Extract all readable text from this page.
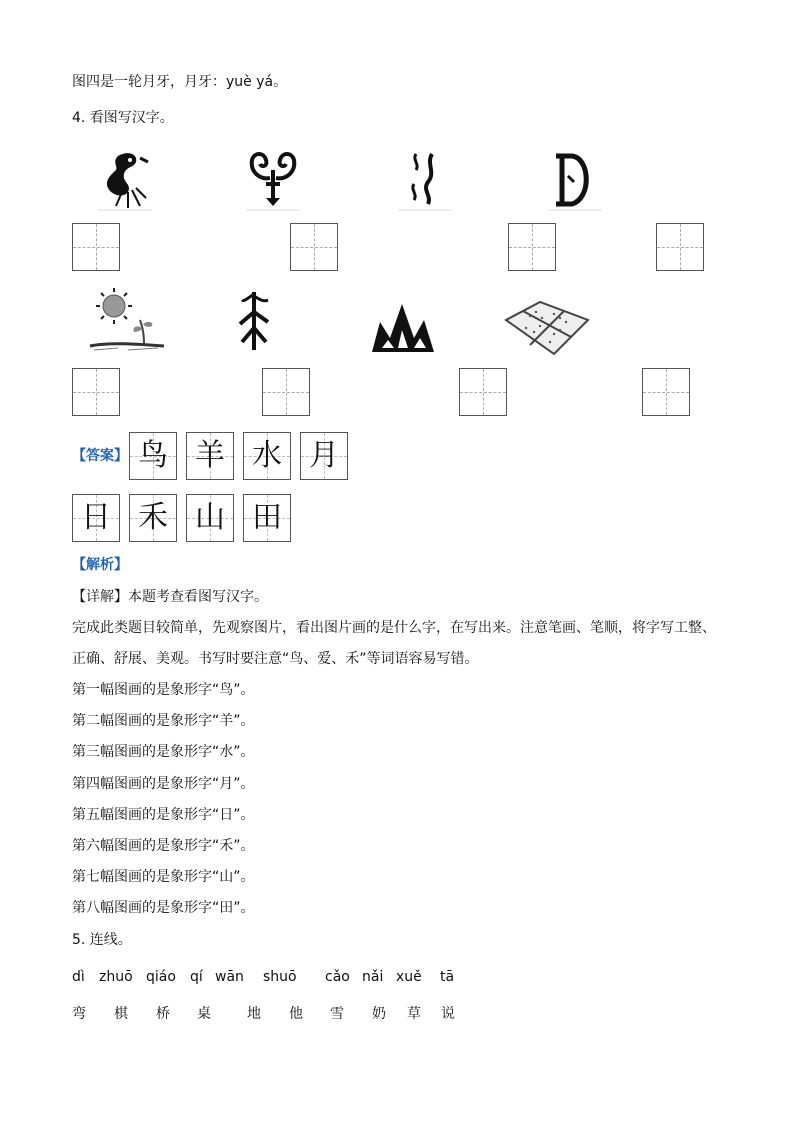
图四是一轮月牙，月牙：yuè yá。
4. 看图写汉字。
【答案】 鸟 羊 水 月
日 禾 山 田
【解析】
【详解】本题考查看图写汉字。
完成此类题目较简单，先观察图片，看出图片画的是什么字，在写出来。注意笔画、笔顺，将字写工整、
正确、舒展、美观。书写时要注意“鸟、爱、禾”等词语容易写错。
第一幅图画的是象形字“鸟”。
第二幅图画的是象形字“羊”。
第三幅图画的是象形字“水”。
第四幅图画的是象形字“月”。
第五幅图画的是象形字“日”。
第六幅图画的是象形字“禾”。
第七幅图画的是象形字“山”。
第八幅图画的是象形字“田”。
5. 连线。
dì zhuō qiáo qí wān shuō cǎo nǎi xuě tā
弯 棋 桥 桌	地 他 雪 奶 草 说
